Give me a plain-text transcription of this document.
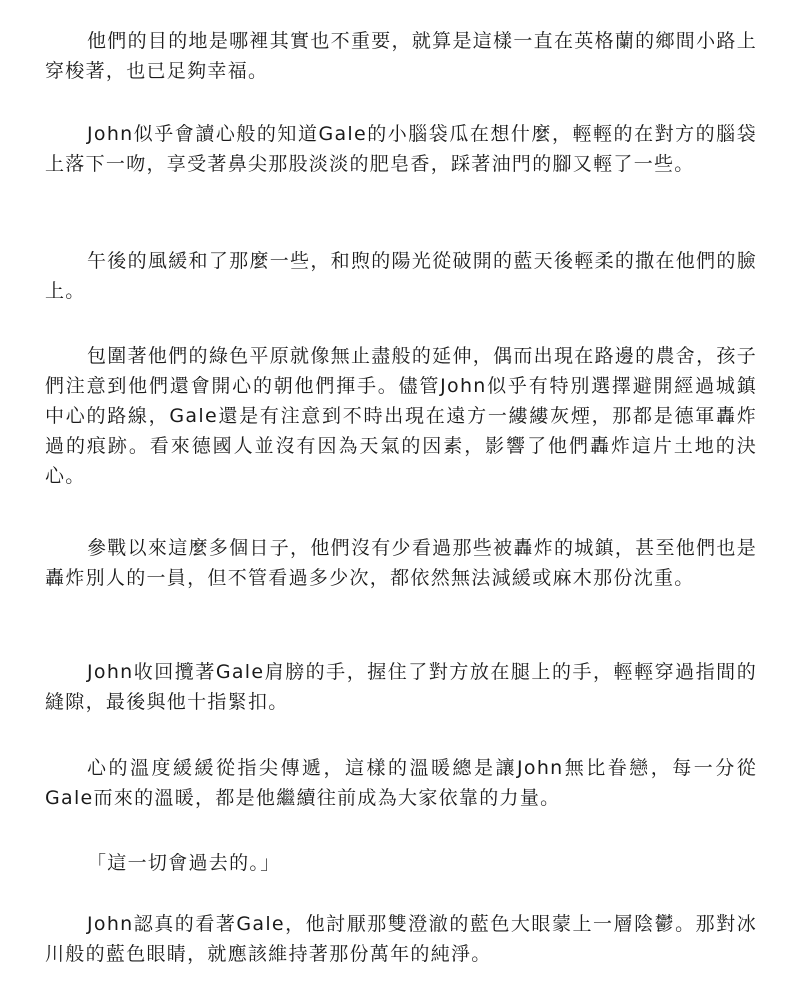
他們的目的地是哪裡其實也不重要，就算是這樣一直在英格蘭的鄉間小路上穿梭著，也已足夠幸福。

John似乎會讀心般的知道Gale的小腦袋瓜在想什麼，輕輕的在對方的腦袋上落下一吻，享受著鼻尖那股淡淡的肥皂香，踩著油門的腳又輕了一些。

午後的風緩和了那麼一些，和煦的陽光從破開的藍天後輕柔的撒在他們的臉上。

包圍著他們的綠色平原就像無止盡般的延伸，偶而出現在路邊的農舍，孩子們注意到他們還會開心的朝他們揮手。儘管John似乎有特別選擇避開經過城鎮中心的路線，Gale還是有注意到不時出現在遠方一縷縷灰煙，那都是德軍轟炸過的痕跡。看來德國人並沒有因為天氣的因素，影響了他們轟炸這片土地的決心。

參戰以來這麼多個日子，他們沒有少看過那些被轟炸的城鎮，甚至他們也是轟炸別人的一員，但不管看過多少次，都依然無法減緩或麻木那份沈重。

John收回攬著Gale肩膀的手，握住了對方放在腿上的手，輕輕穿過指間的縫隙，最後與他十指緊扣。

心的溫度緩緩從指尖傳遞，這樣的溫暖總是讓John無比眷戀，每一分從Gale而來的溫暖，都是他繼續往前成為大家依靠的力量。

「這一切會過去的。」

John認真的看著Gale，他討厭那雙澄澈的藍色大眼蒙上一層陰鬱。那對冰川般的藍色眼睛，就應該維持著那份萬年的純淨。
